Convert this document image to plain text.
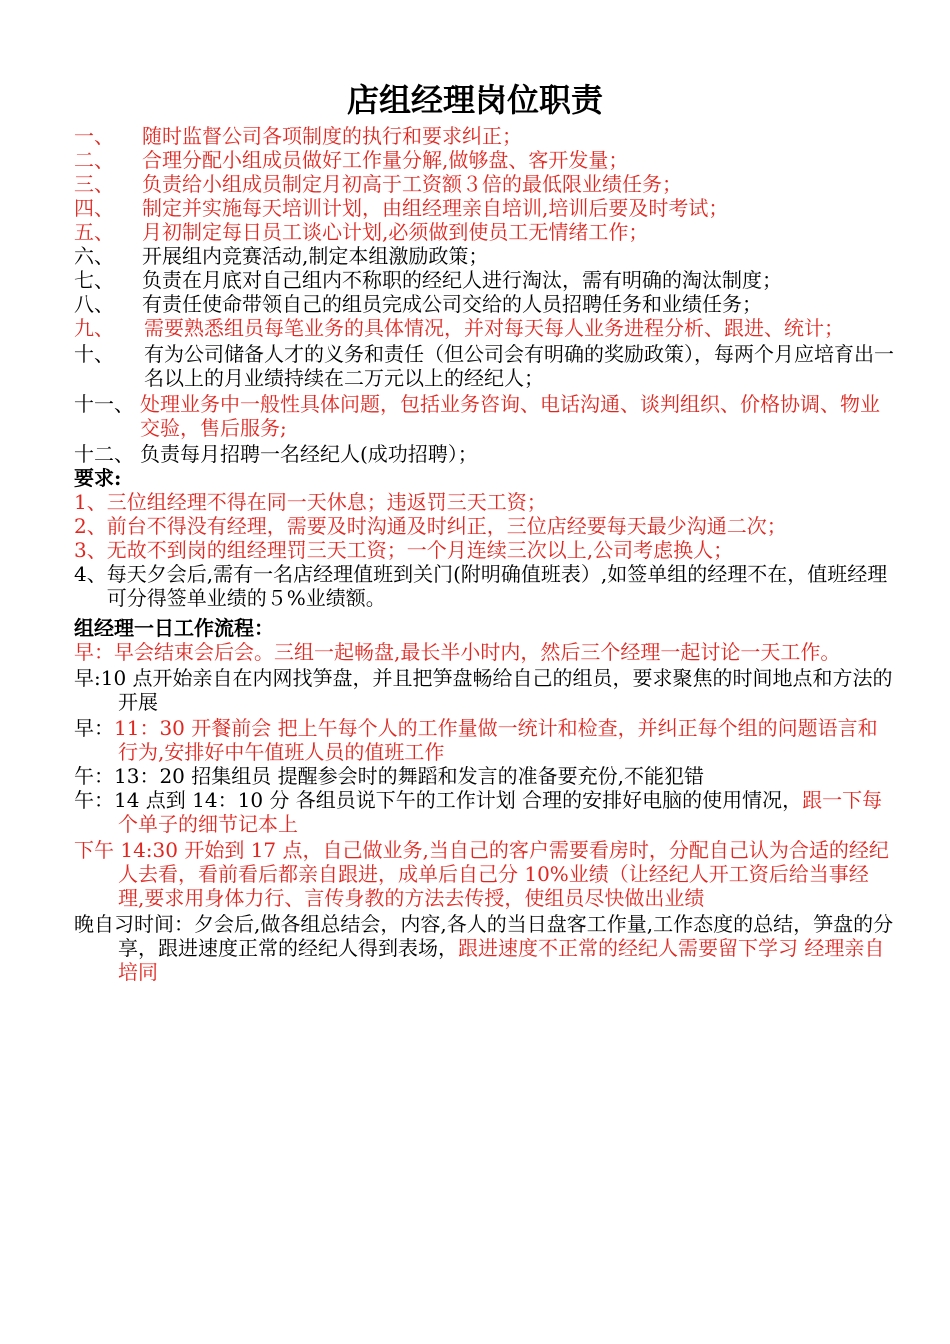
店组经理岗位职责
一、	随时监督公司各项制度的执行和要求纠正；
二、	合理分配小组成员做好工作量分解,做够盘、客开发量；
三、	负责给小组成员制定月初高于工资额３倍的最低限业绩任务；
四、	制定并实施每天培训计划，由组经理亲自培训,培训后要及时考试；
五、	月初制定每日员工谈心计划,必须做到使员工无情绪工作；
六、	开展组内竞赛活动,制定本组激励政策；
七、	负责在月底对自己组内不称职的经纪人进行淘汰，需有明确的淘汰制度；
八、	有责任使命带领自己的组员完成公司交给的人员招聘任务和业绩任务；
九、	需要熟悉组员每笔业务的具体情况，并对每天每人业务进程分析、跟进、统计；
十、	有为公司储备人才的义务和责任（但公司会有明确的奖励政策），每两个月应培育出一名以上的月业绩持续在二万元以上的经纪人；
十一、 处理业务中一般性具体问题，包括业务咨询、电话沟通、谈判组织、价格协调、物业交验，售后服务;
十二、 负责每月招聘一名经纪人(成功招聘）；
要求:
1、 三位组经理不得在同一天休息；违返罚三天工资；
2、 前台不得没有经理，需要及时沟通及时纠正，三位店经要每天最少沟通二次；
3、 无故不到岗的组经理罚三天工资；一个月连续三次以上,公司考虑换人；
4、 每天夕会后,需有一名店经理值班到关门(附明确值班表）,如签单组的经理不在，值班经理可分得签单业绩的５%业绩额。
组经理一日工作流程：
早：早会结束会后会。三组一起畅盘,最长半小时内，然后三个经理一起讨论一天工作。
早:10 点开始亲自在内网找笋盘，并且把笋盘畅给自己的组员，要求聚焦的时间地点和方法的开展
早：11：30 开餐前会 把上午每个人的工作量做一统计和检查，并纠正每个组的问题语言和行为,安排好中午值班人员的值班工作
午：13：20 招集组员 提醒参会时的舞蹈和发言的准备要充份,不能犯错
午：14 点到 14：10 分 各组员说下午的工作计划 合理的安排好电脑的使用情况，跟一下每个单子的细节记本上
下午 14:30 开始到 17 点，自己做业务,当自己的客户需要看房时，分配自己认为合适的经纪人去看，看前看后都亲自跟进，成单后自己分 10%业绩（让经纪人开工资后给当事经理,要求用身体力行、言传身教的方法去传授，使组员尽快做出业绩
晚自习时间：夕会后,做各组总结会，内容,各人的当日盘客工作量,工作态度的总结，笋盘的分享，跟进速度正常的经纪人得到表场，跟进速度不正常的经纪人需要留下学习 经理亲自培同
